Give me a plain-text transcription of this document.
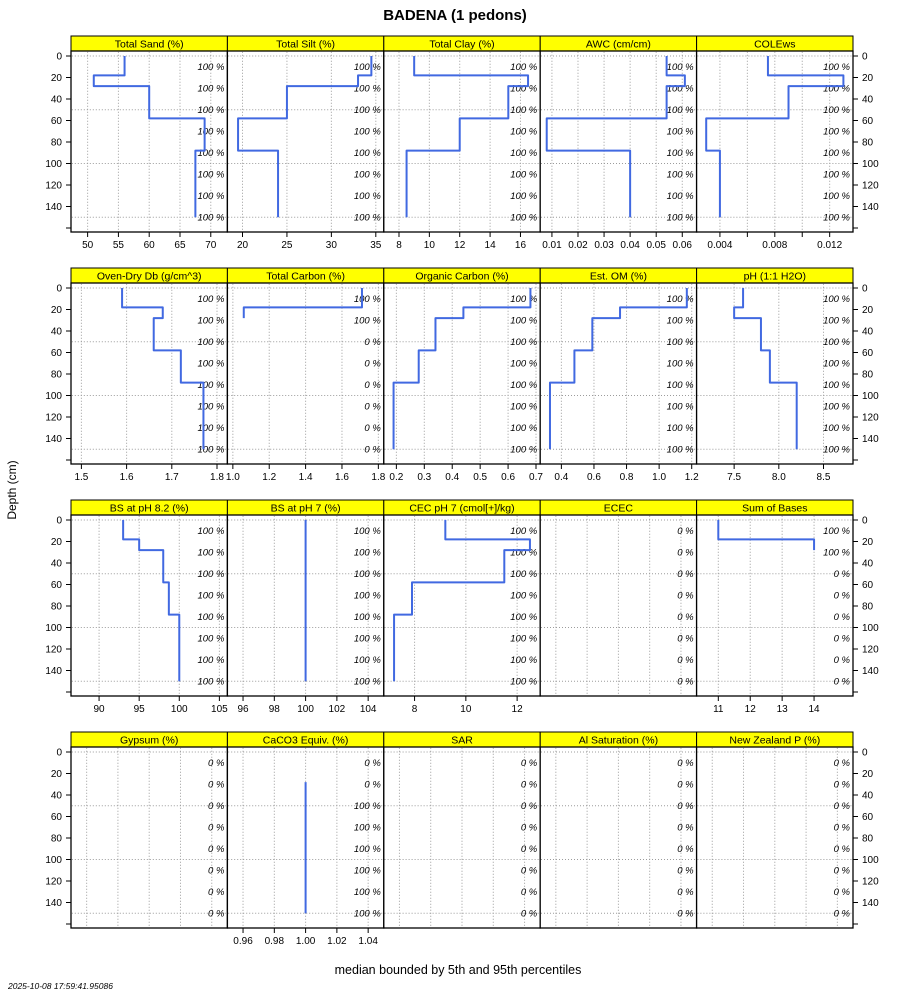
BADENA (1 pedons)
Depth (cm)
Total Sand (%)
100 %
100 %
100 %
100 %
100 %
100 %
100 %
100 %
50 55 60 65 70
0
20
40
60
80
100
120
140
Total Silt (%)
100 %
100 %
100 %
100 %
100 %
100 %
100 %
100 %
20	25	30	35
Total Clay (%)
100 %
100 %
100 %
100 %
100 %
100 %
100 %
100 %
8 10 12 14 16
AWC (cm/cm)
100 %
100 %
100 %
100 %
100 %
100 %
100 %
100 %
0.01 0.02 0.03 0.04 0.05 0.06
COLEws
100 %
100 %
100 %
100 %
100 %
100 %
100 %
100 %
0.004	0.008	0.012
0
20
40
60
80
100
120
140
Oven-Dry Db (g/cm^3)
100 %
100 %
100 %
100 %
100 %
100 %
100 %
100 %
1.5	1.6	1.7	1.8
0
20
40
60
80
100
120
140
Total Carbon (%)
100 %
100 %
0 %
0 %
0 %
0 %
0 %
0 %
1.0 1.2 1.4 1.6 1.8
Organic Carbon (%)
100 %
100 %
100 %
100 %
100 %
100 %
100 %
100 %
0.2 0.3 0.4 0.5 0.6 0.7
Est. OM (%)
100 %
100 %
100 %
100 %
100 %
100 %
100 %
100 %
0.4 0.6 0.8 1.0 1.2
pH (1:1 H2O)
100 %
100 %
100 %
100 %
100 %
100 %
100 %
100 %
7.5	8.0	8.5
0
20
40
60
80
100
120
140
BS at pH 8.2 (%)
100 %
100 %
100 %
100 %
100 %
100 %
100 %
100 %
90	95	100 105
0
20
40
60
80
100
120
140
BS at pH 7 (%)
100 %
100 %
100 %
100 %
100 %
100 %
100 %
100 %
96 98 100 102 104
CEC pH 7 (cmol[+]/kg)
100 %
100 %
100 %
100 %
100 %
100 %
100 %
100 %
8	10	12
ECEC
0 %
0 %
0 %
0 %
0 %
0 %
0 %
0 %
Sum of Bases
100 %
100 %
0 %
0 %
0 %
0 %
0 %
0 %
11 12 13 14
0
20
40
60
80
100
120
140
Gypsum (%)
0 %
0 %
0 %
0 %
0 %
0 %
0 %
0 %
0
20
40
60
80
100
120
140
CaCO3 Equiv. (%)
0 %
0 %
100 %
100 %
100 %
100 %
100 %
100 %
0.96 0.98 1.00 1.02 1.04
SAR
0 %
0 %
0 %
0 %
0 %
0 %
0 %
0 %
Al Saturation (%)
0 %
0 %
0 %
0 %
0 %
0 %
0 %
0 %
New Zealand P (%)
0 %
0 %
0 %
0 %
0 %
0 %
0 %
0 %
0
20
40
60
80
100
120
140
median bounded by 5th and 95th percentiles
2025-10-08 17:59:41.95086
